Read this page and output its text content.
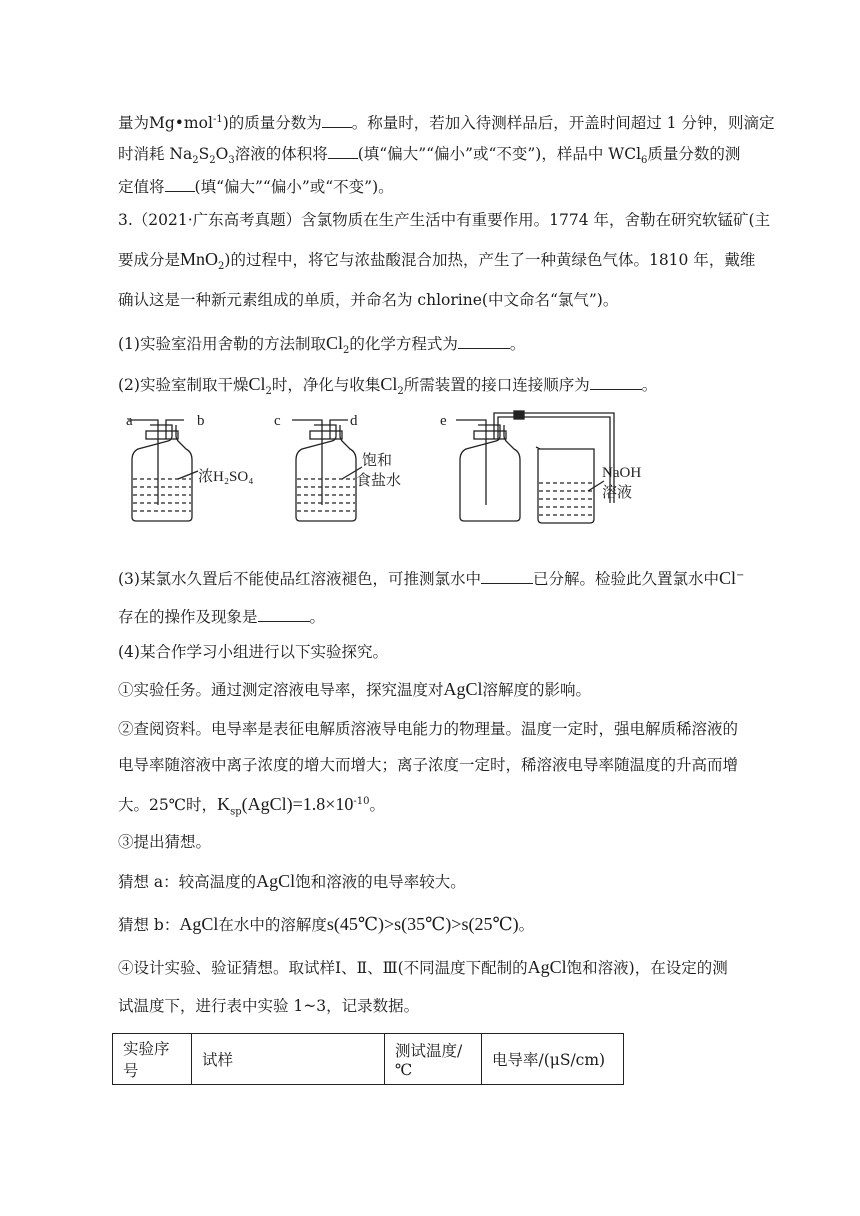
量为Mg•mol$^{-1}$)的质量分数为 。称量时，若加入待测样品后，开盖时间超过 1 分钟，则滴定
时消耗 $Na_2S_2O_3$溶液的体积将 (填“偏大”“偏小”或“不变”)，样品中 WCl$_6$质量分数的测
定值将 (填“偏大”“偏小”或“不变”)。
3.（2021·广东高考真题）含氯物质在生产生活中有重要作用。1774 年，舍勒在研究软锰矿(主
要成分是MnO$_2$)的过程中，将它与浓盐酸混合加热，产生了一种黄绿色气体。1810 年，戴维
确认这是一种新元素组成的单质，并命名为 chlorine(中文命名“氯气”)。
(1)实验室沿用舍勒的方法制取$Cl_2$的化学方程式为	。
(2)实验室制取干燥$Cl_2$时，净化与收集$Cl_2$所需装置的接口连接顺序为	。
a	b
浓H₂SO₄
c	d
饱和
食盐水
e
NaOH
溶液
(3)某氯水久置后不能使品红溶液褪色，可推测氯水中	已分解。检验此久置氯水中Cl−
存在的操作及现象是	。
(4)某合作学习小组进行以下实验探究。
①实验任务。通过测定溶液电导率，探究温度对AgCl溶解度的影响。
②查阅资料。电导率是表征电解质溶液导电能力的物理量。温度一定时，强电解质稀溶液的
电导率随溶液中离子浓度的增大而增大；离子浓度一定时，稀溶液电导率随温度的升高而增
大。25℃时，$K_{sp}(AgCl)=1.8\times 10^{-10}$。
③提出猜想。
猜想 a：较高温度的AgCl饱和溶液的电导率较大。
猜想 b：AgCl在水中的溶解度s(45℃)>s(35℃)>s(25℃)。
④设计实验、验证猜想。取试样Ⅰ、Ⅱ、Ⅲ(不同温度下配制的AgCl饱和溶液)，在设定的测
试温度下，进行表中实验 1~3，记录数据。
实验序号	试样	测试温度/℃	电导率/(μS/cm)
